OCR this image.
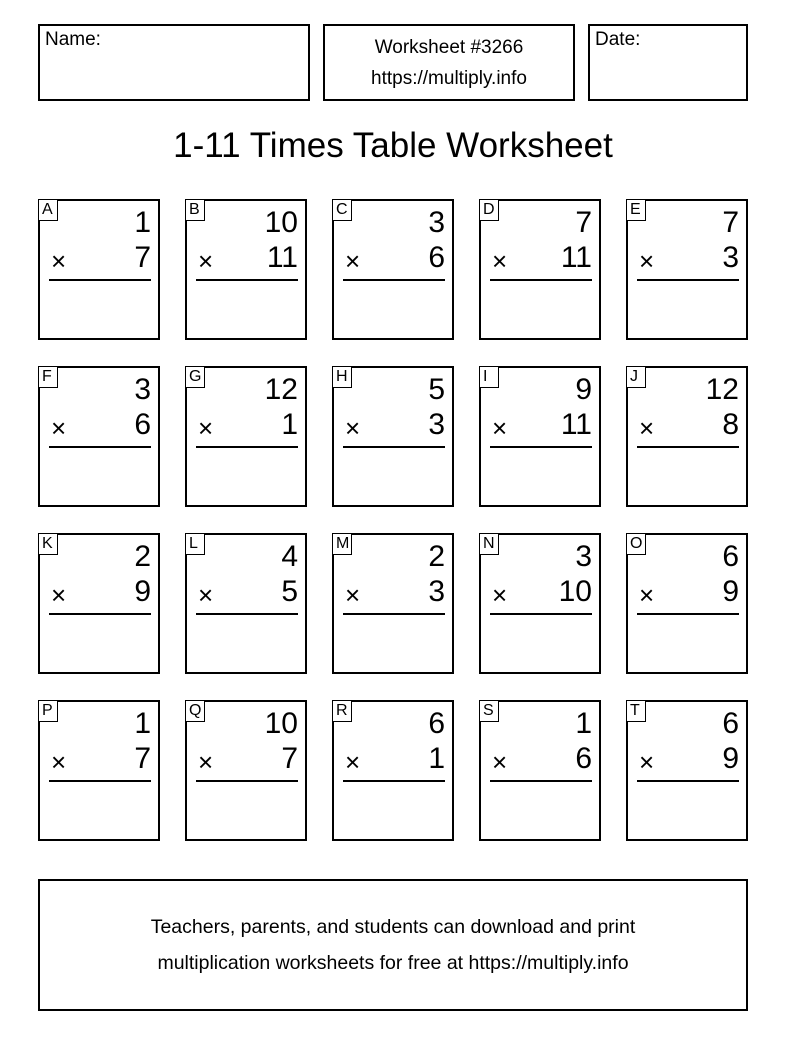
Name:	Worksheet #3266
https://multiply.info
Date:
1-11 Times Table Worksheet
A	1
× 7
B 10
× 11
C	3
× 6
D	7
× 11
E	7
× 3
F	3
× 6
G 12
× 1
H	5
× 3
I	9
× 11
J 12
× 8
K	2
× 9
L	4
× 5
M	2
× 3
N	3
× 10
O	6
× 9
P	1
× 7
Q 10
× 7
R	6
× 1
S	1
× 6
T	6
× 9
Teachers, parents, and students can download and print
multiplication worksheets for free at https://multiply.info
